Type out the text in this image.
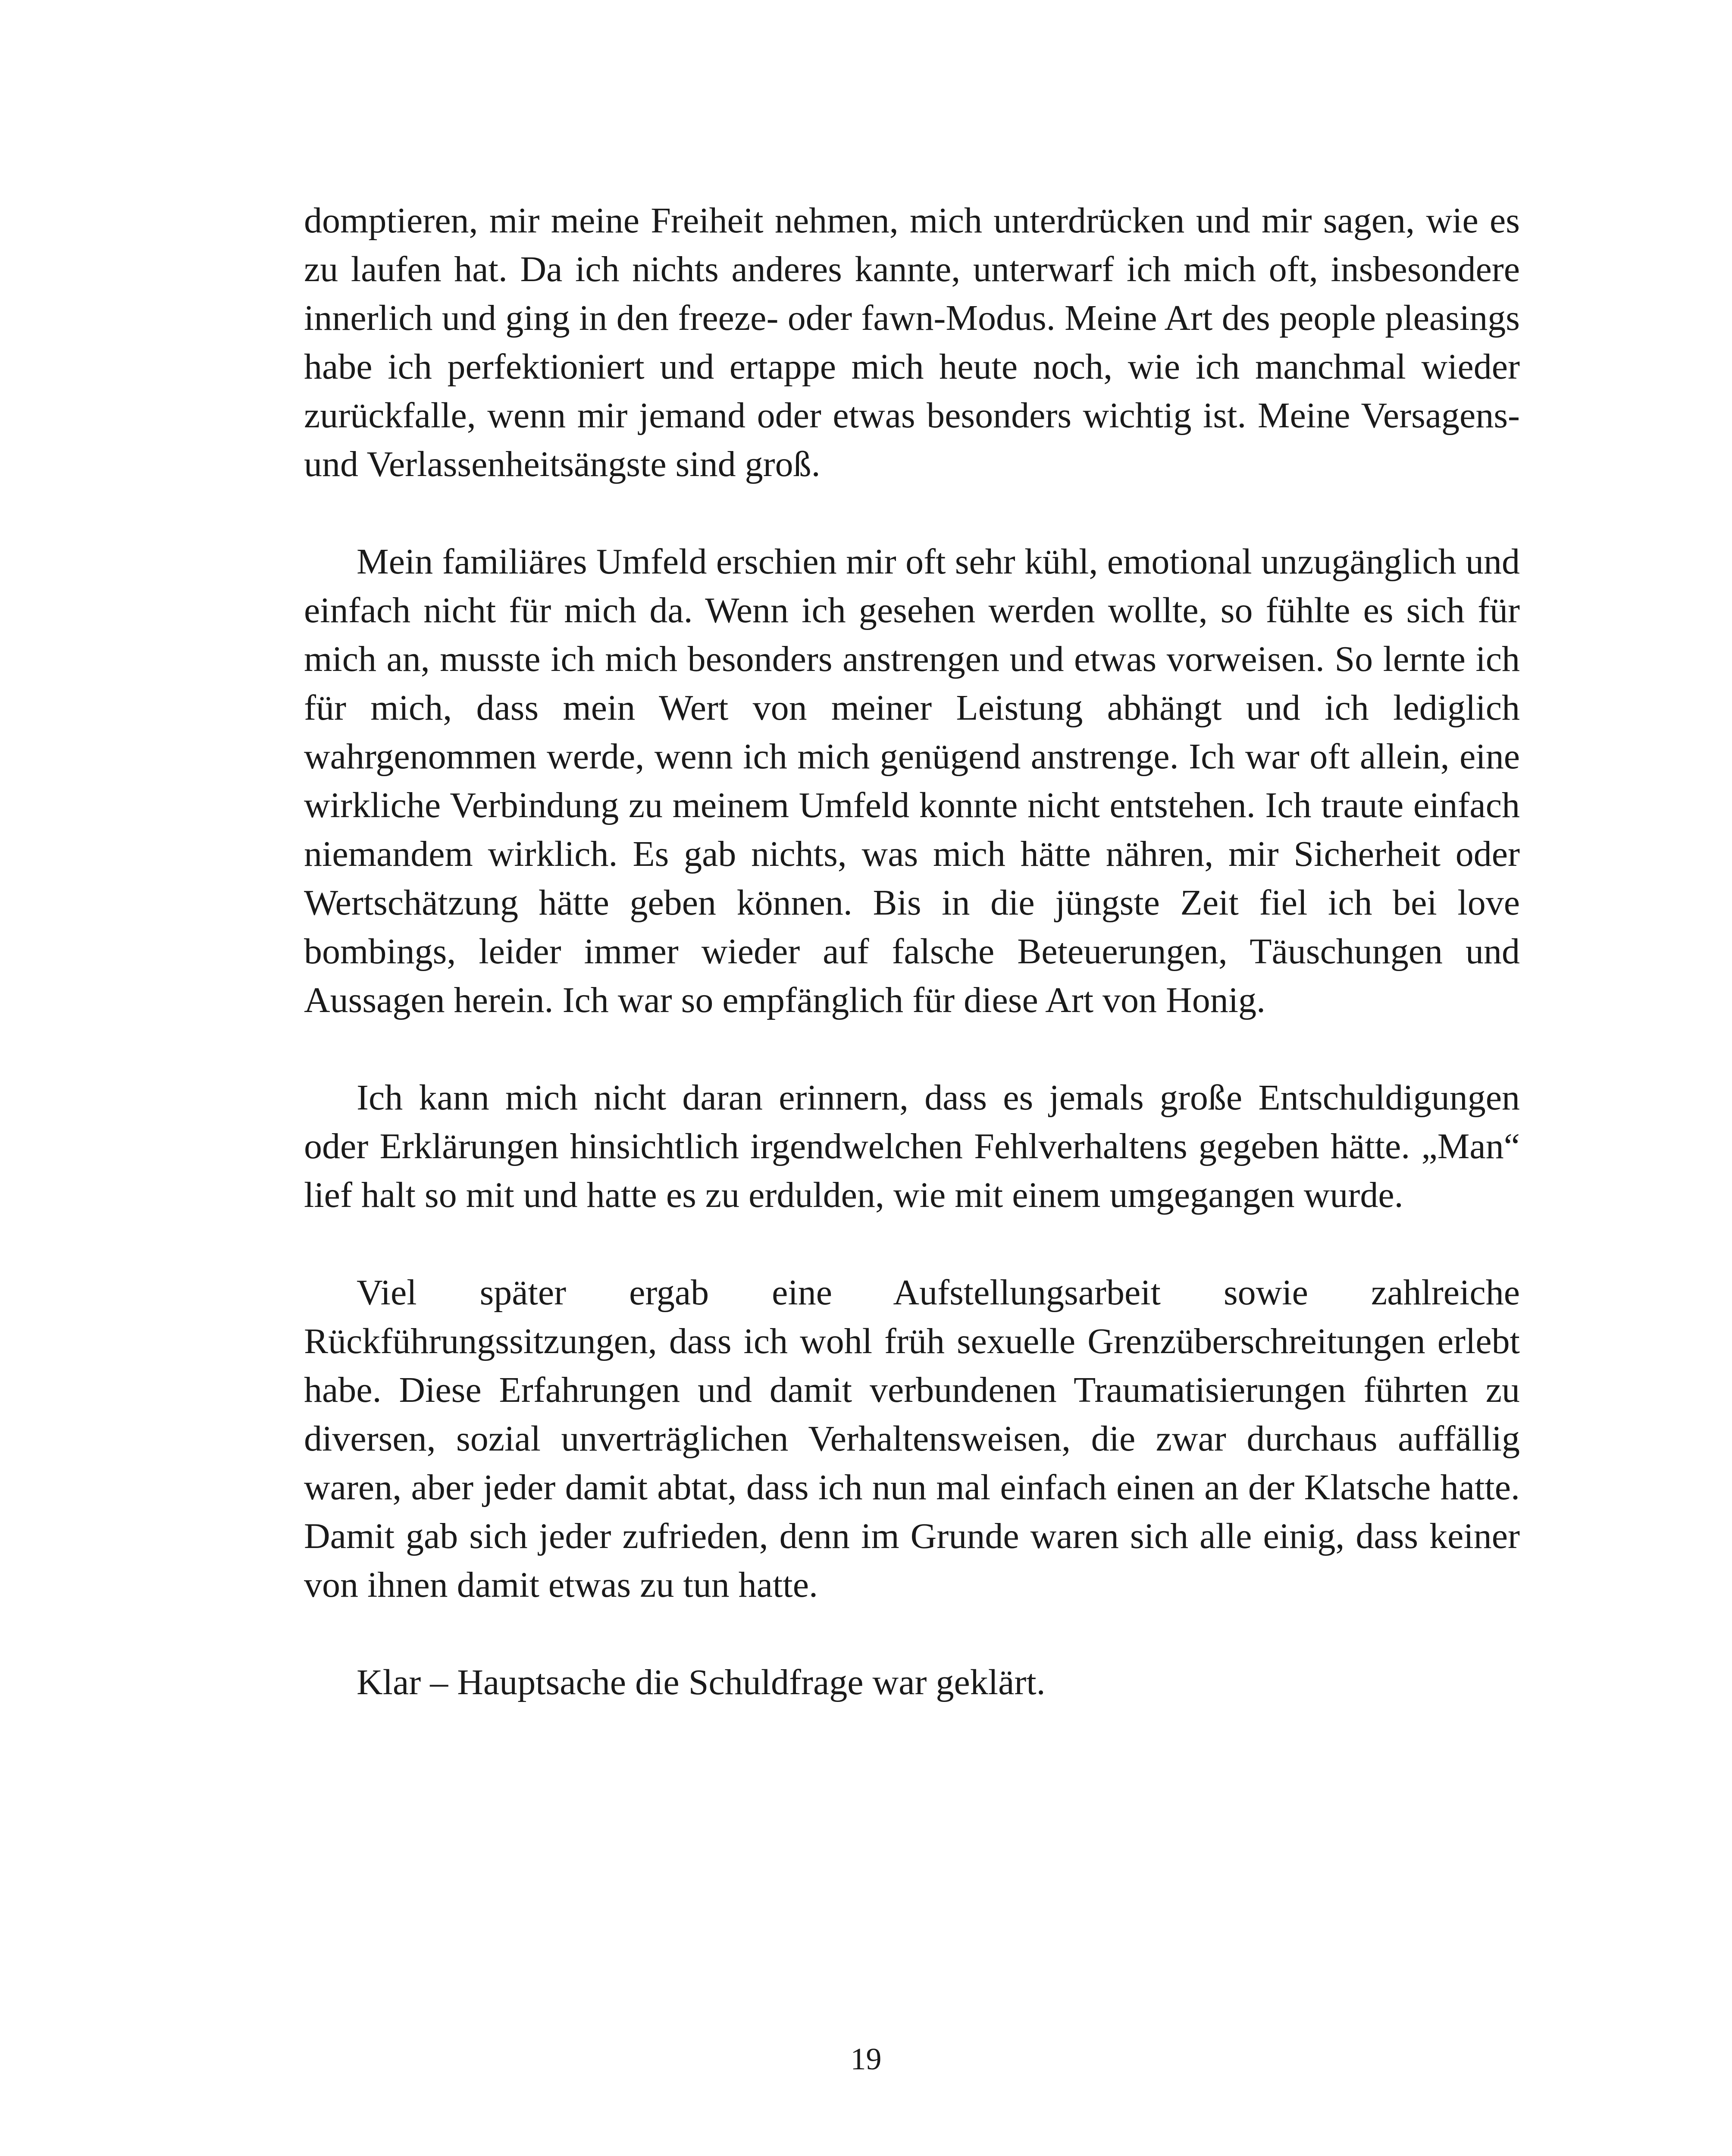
domptieren, mir meine Freiheit nehmen, mich unterdrücken und mir sagen, wie es zu laufen hat. Da ich nichts anderes kannte, unterwarf ich mich oft, insbesondere innerlich und ging in den freeze- oder fawn-Modus. Meine Art des people pleasings habe ich perfektioniert und ertappe mich heute noch, wie ich manchmal wieder zurückfalle, wenn mir jemand oder etwas besonders wichtig ist. Meine Versagens- und Verlassenheitsängste sind groß.

Mein familiäres Umfeld erschien mir oft sehr kühl, emotional unzugänglich und einfach nicht für mich da. Wenn ich gesehen werden wollte, so fühlte es sich für mich an, musste ich mich besonders anstrengen und etwas vorweisen. So lernte ich für mich, dass mein Wert von meiner Leistung abhängt und ich lediglich wahrgenommen werde, wenn ich mich genügend anstrenge. Ich war oft allein, eine wirkliche Verbindung zu meinem Umfeld konnte nicht entstehen. Ich traute einfach niemandem wirklich. Es gab nichts, was mich hätte nähren, mir Sicherheit oder Wertschätzung hätte geben können. Bis in die jüngste Zeit fiel ich bei love bombings, leider immer wieder auf falsche Beteuerungen, Täuschungen und Aussagen herein. Ich war so empfänglich für diese Art von Honig.

Ich kann mich nicht daran erinnern, dass es jemals große Entschuldigungen oder Erklärungen hinsichtlich irgendwelchen Fehlverhaltens gegeben hätte. „Man“ lief halt so mit und hatte es zu erdulden, wie mit einem umgegangen wurde.

Viel später ergab eine Aufstellungsarbeit sowie zahlreiche Rückführungssitzungen, dass ich wohl früh sexuelle Grenzüberschreitungen erlebt habe. Diese Erfahrungen und damit verbundenen Traumatisierungen führten zu diversen, sozial unverträglichen Verhaltensweisen, die zwar durchaus auffällig waren, aber jeder damit abtat, dass ich nun mal einfach einen an der Klatsche hatte. Damit gab sich jeder zufrieden, denn im Grunde waren sich alle einig, dass keiner von ihnen damit etwas zu tun hatte.

Klar – Hauptsache die Schuldfrage war geklärt.

19
